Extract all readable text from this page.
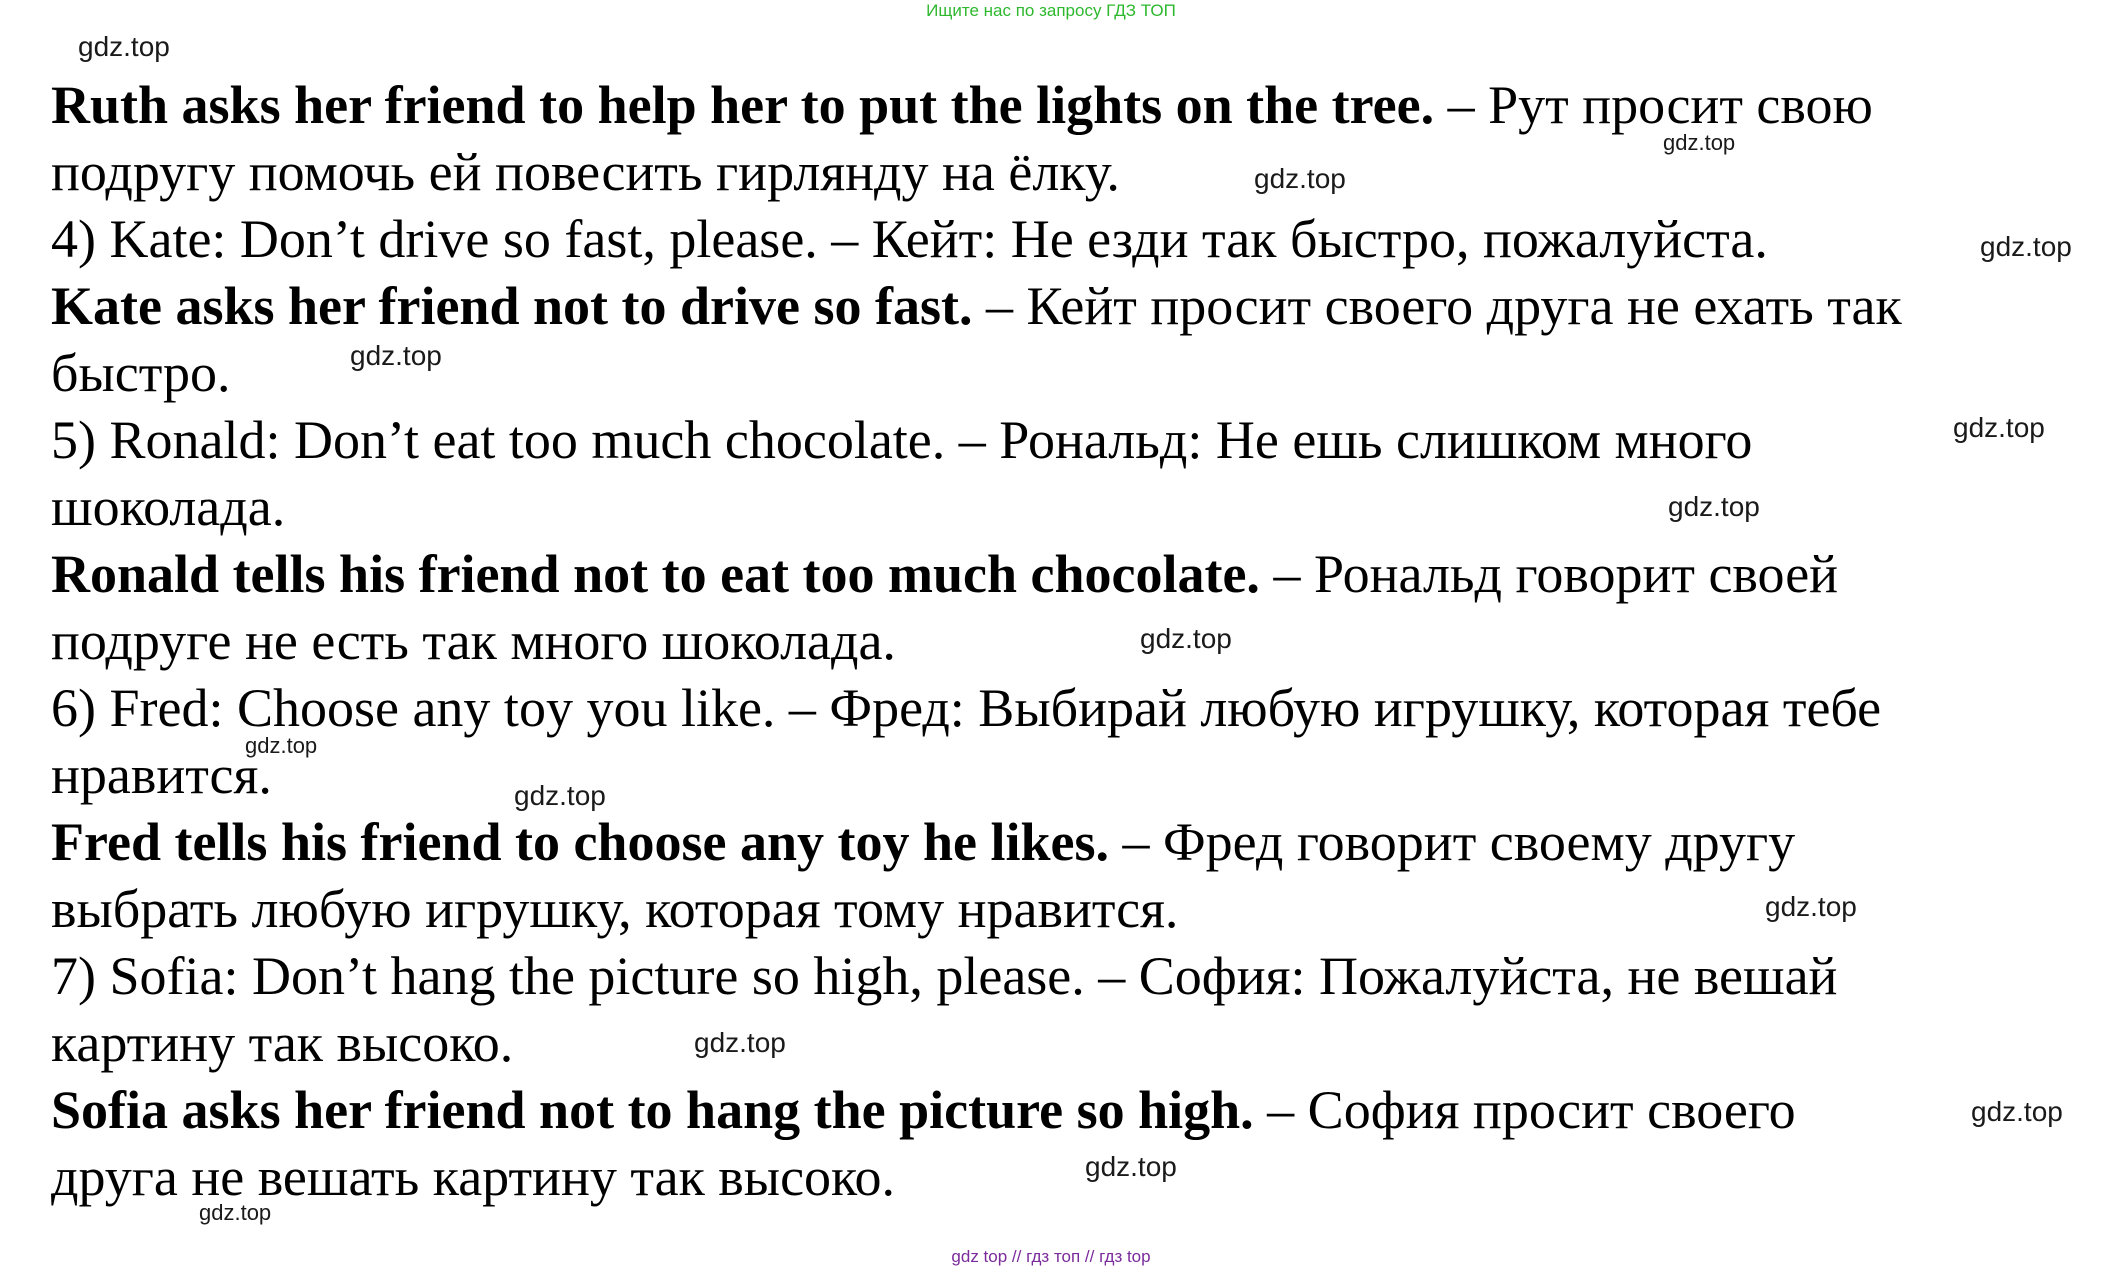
Ищите нас по запросу ГДЗ ТОП
Ruth asks her friend to help her to put the lights on the tree. – Рут просит свою
подругу помочь ей повесить гирлянду на ёлку.
4) Kate: Don’t drive so fast, please. – Кейт: Не езди так быстро, пожалуйста.
Kate asks her friend not to drive so fast. – Кейт просит своего друга не ехать так
быстро.
5) Ronald: Don’t eat too much chocolate. – Рональд: Не ешь слишком много
шоколада.
Ronald tells his friend not to eat too much chocolate. – Рональд говорит своей
подруге не есть так много шоколада.
6) Fred: Choose any toy you like. – Фред: Выбирай любую игрушку, которая тебе
нравится.
Fred tells his friend to choose any toy he likes. – Фред говорит своему другу
выбрать любую игрушку, которая тому нравится.
7) Sofia: Don’t hang the picture so high, please. – София: Пожалуйста, не вешай
картину так высоко.
Sofia asks her friend not to hang the picture so high. – София просит своего
друга не вешать картину так высоко.
gdz.top
gdz.top
gdz.top
gdz.top
gdz.top
gdz.top
gdz.top
gdz.top
gdz.top
gdz.top
gdz.top
gdz.top
gdz.top
gdz.top
gdz.top
gdz top // гдз топ // гдз top
